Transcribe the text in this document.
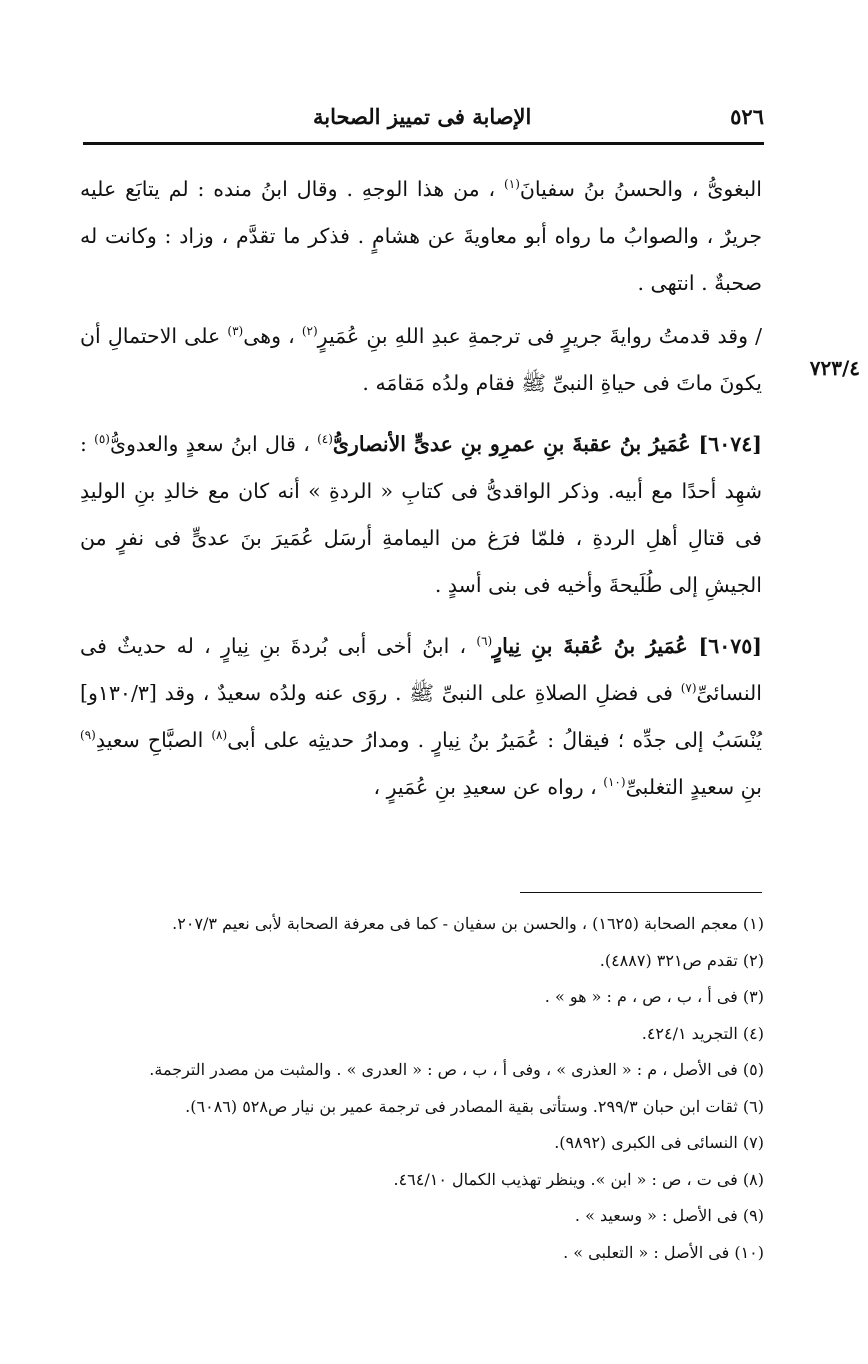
٥٢٦
الإصابة فى تمييز الصحابة
٧٢٣/٤

البغوىُّ ، والحسنُ بنُ سفيانَ$^{(١)}$ ، من هذا الوجهِ . وقال ابنُ منده : لم يتابَع عليه جريرٌ ، والصوابُ ما رواه أبو معاويةَ عن هشامٍ . فذكر ما تقدَّم ، وزاد : وكانت له صحبةٌ . انتهى .

/ وقد قدمتُ روايةَ جريرٍ فى ترجمةِ عبدِ اللهِ بنِ عُمَيرٍ$^{(٢)}$ ، وهى$^{(٣)}$ على الاحتمالِ أن يكونَ ماتَ فى حياةِ النبىِّ ﷺ فقام ولدُه مَقامَه .

[٦٠٧٤] عُمَيرُ بنُ عقبةَ بنِ عمرِو بنِ عدىٍّ الأنصارىُّ$^{(٤)}$ ، قال ابنُ سعدٍ والعدوىُّ$^{(٥)}$ : شهِد أحدًا مع أبيه. وذكر الواقدىُّ فى كتابِ « الردةِ » أنه كان مع خالدِ بنِ الوليدِ فى قتالِ أهلِ الردةِ ، فلمّا فرَغ من اليمامةِ أرسَل عُمَيرَ بنَ عدىٍّ فى نفرٍ من الجيشِ إلى طُلَيحةَ وأخيه فى بنى أسدٍ .

[٦٠٧٥] عُمَيرُ بنُ عُقبةَ بنِ نِيارٍ$^{(٦)}$ ، ابنُ أخى أبى بُردةَ بنِ نِيارٍ ، له حديثٌ فى النسائىِّ$^{(٧)}$ فى فضلِ الصلاةِ على النبىِّ ﷺ . روَى عنه ولدُه سعيدٌ ، وقد [١٣٠/٣و] يُنْسَبُ إلى جدِّه ؛ فيقالُ : عُمَيرُ بنُ نِيارٍ . ومدارُ حديثِه على أبى$^{(٨)}$ الصبَّاحِ سعيدِ$^{(٩)}$ بنِ سعيدٍ التغلبىِّ$^{(١٠)}$ ، رواه عن سعيدِ بنِ عُمَيرٍ ،

(١) معجم الصحابة (١٦٢٥) ، والحسن بن سفيان - كما فى معرفة الصحابة لأبى نعيم ٢٠٧/٣.

(٢) تقدم ص٣٢١ (٤٨٨٧).

(٣) فى أ ، ب ، ص ، م : « هو » .

(٤) التجريد ٤٢٤/١.

(٥) فى الأصل ، م : « العذرى » ، وفى أ ، ب ، ص : « العدرى » . والمثبت من مصدر الترجمة.

(٦) ثقات ابن حبان ٢٩٩/٣. وستأتى بقية المصادر فى ترجمة عمير بن نيار ص٥٢٨ (٦٠٨٦).

(٧) النسائى فى الكبرى (٩٨٩٢).

(٨) فى ت ، ص : « ابن ». وينظر تهذيب الكمال ٤٦٤/١٠.

(٩) فى الأصل : « وسعيد » .

(١٠) فى الأصل : « التعلبى » .
